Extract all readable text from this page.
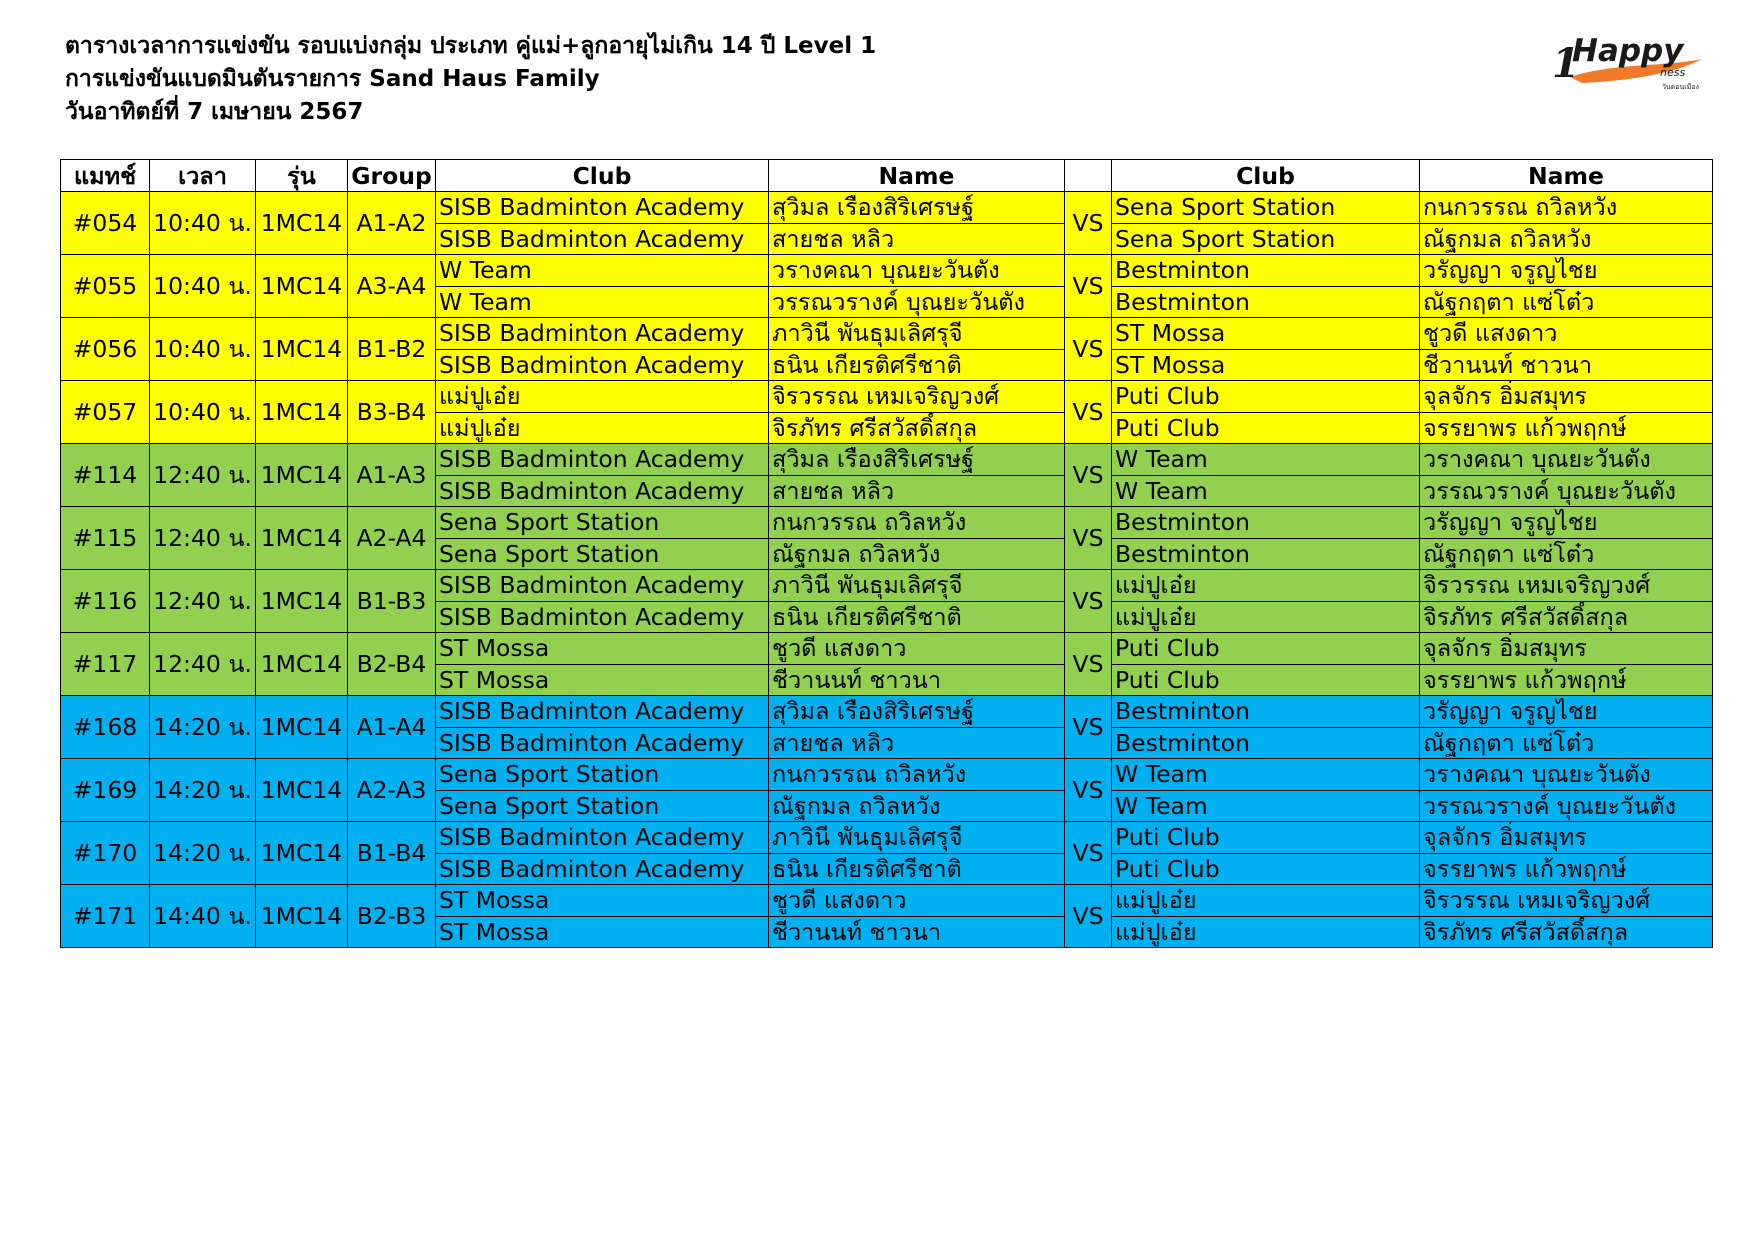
ตารางเวลาการแข่งขัน รอบแบ่งกลุ่ม ประเภท คู่แม่+ลูกอายุไม่เกิน 14 ปี Level 1
การแข่งขันแบดมินตันรายการ Sand Haus Family
วันอาทิตย์ที่ 7 เมษายน 2567
1
Happy
ness
วันดอนเมือง
แมทช์	เวลา	รุ่น	Group	Club	Name		Club	Name
#054	10:40 น.	1MC14	A1-A2	SISB Badminton Academy	สุวิมล เรืองสิริเศรษฐ์	VS	Sena Sport Station	กนกวรรณ ถวิลหวัง
				SISB Badminton Academy	สายชล หลิว		Sena Sport Station	ณัฐกมล ถวิลหวัง
#055	10:40 น.	1MC14	A3-A4	W Team	วรางคณา บุณยะวันตัง	VS	Bestminton	วรัญญา จรูญไชย
				W Team	วรรณวรางค์ บุณยะวันตัง		Bestminton	ณัฐกฤตา แซ่โต๋ว
#056	10:40 น.	1MC14	B1-B2	SISB Badminton Academy	ภาวินี พันธุมเลิศรุจี	VS	ST Mossa	ชูวดี แสงดาว
				SISB Badminton Academy	ธนิน เกียรติศรีชาติ		ST Mossa	ชีวานนท์ ชาวนา
#057	10:40 น.	1MC14	B3-B4	แม่ปูเอ๋ย	จิรวรรณ เหมเจริญวงศ์	VS	Puti Club	จุลจักร อิ่มสมุทร
				แม่ปูเอ๋ย	จิรภัทร ศรีสวัสดิ์สกุล		Puti Club	จรรยาพร แก้วพฤกษ์
#114	12:40 น.	1MC14	A1-A3	SISB Badminton Academy	สุวิมล เรืองสิริเศรษฐ์	VS	W Team	วรางคณา บุณยะวันตัง
				SISB Badminton Academy	สายชล หลิว		W Team	วรรณวรางค์ บุณยะวันตัง
#115	12:40 น.	1MC14	A2-A4	Sena Sport Station	กนกวรรณ ถวิลหวัง	VS	Bestminton	วรัญญา จรูญไชย
				Sena Sport Station	ณัฐกมล ถวิลหวัง		Bestminton	ณัฐกฤตา แซ่โต๋ว
#116	12:40 น.	1MC14	B1-B3	SISB Badminton Academy	ภาวินี พันธุมเลิศรุจี	VS	แม่ปูเอ๋ย	จิรวรรณ เหมเจริญวงศ์
				SISB Badminton Academy	ธนิน เกียรติศรีชาติ		แม่ปูเอ๋ย	จิรภัทร ศรีสวัสดิ์สกุล
#117	12:40 น.	1MC14	B2-B4	ST Mossa	ชูวดี แสงดาว	VS	Puti Club	จุลจักร อิ่มสมุทร
				ST Mossa	ชีวานนท์ ชาวนา		Puti Club	จรรยาพร แก้วพฤกษ์
#168	14:20 น.	1MC14	A1-A4	SISB Badminton Academy	สุวิมล เรืองสิริเศรษฐ์	VS	Bestminton	วรัญญา จรูญไชย
				SISB Badminton Academy	สายชล หลิว		Bestminton	ณัฐกฤตา แซ่โต๋ว
#169	14:20 น.	1MC14	A2-A3	Sena Sport Station	กนกวรรณ ถวิลหวัง	VS	W Team	วรางคณา บุณยะวันตัง
				Sena Sport Station	ณัฐกมล ถวิลหวัง		W Team	วรรณวรางค์ บุณยะวันตัง
#170	14:20 น.	1MC14	B1-B4	SISB Badminton Academy	ภาวินี พันธุมเลิศรุจี	VS	Puti Club	จุลจักร อิ่มสมุทร
				SISB Badminton Academy	ธนิน เกียรติศรีชาติ		Puti Club	จรรยาพร แก้วพฤกษ์
#171	14:40 น.	1MC14	B2-B3	ST Mossa	ชูวดี แสงดาว	VS	แม่ปูเอ๋ย	จิรวรรณ เหมเจริญวงศ์
				ST Mossa	ชีวานนท์ ชาวนา		แม่ปูเอ๋ย	จิรภัทร ศรีสวัสดิ์สกุล
